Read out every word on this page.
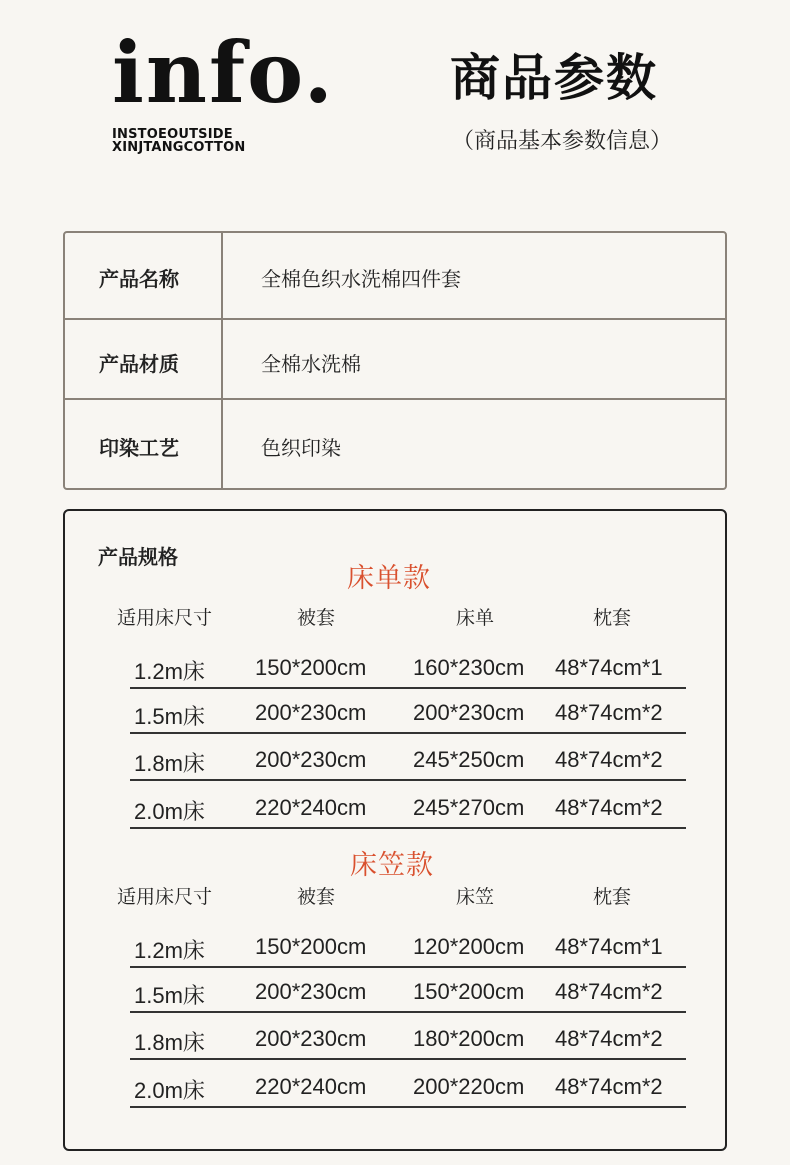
info.
INSTOEOUTSIDE
XINJTANGCOTTON
商品参数
（商品基本参数信息）
产品名称	全棉色织水洗棉四件套
产品材质	全棉水洗棉
印染工艺	色织印染
产品规格
床单款
适用床尺寸	被套	床单	枕套
1.2m床 150*200cm 160*230cm 48*74cm*1
1.5m床 200*230cm 200*230cm 48*74cm*2
1.8m床 200*230cm 245*250cm 48*74cm*2
2.0m床 220*240cm 245*270cm 48*74cm*2
床笠款
适用床尺寸	被套	床笠	枕套
1.2m床 150*200cm 120*200cm 48*74cm*1
1.5m床 200*230cm 150*200cm 48*74cm*2
1.8m床 200*230cm 180*200cm 48*74cm*2
2.0m床 220*240cm 200*220cm 48*74cm*2
